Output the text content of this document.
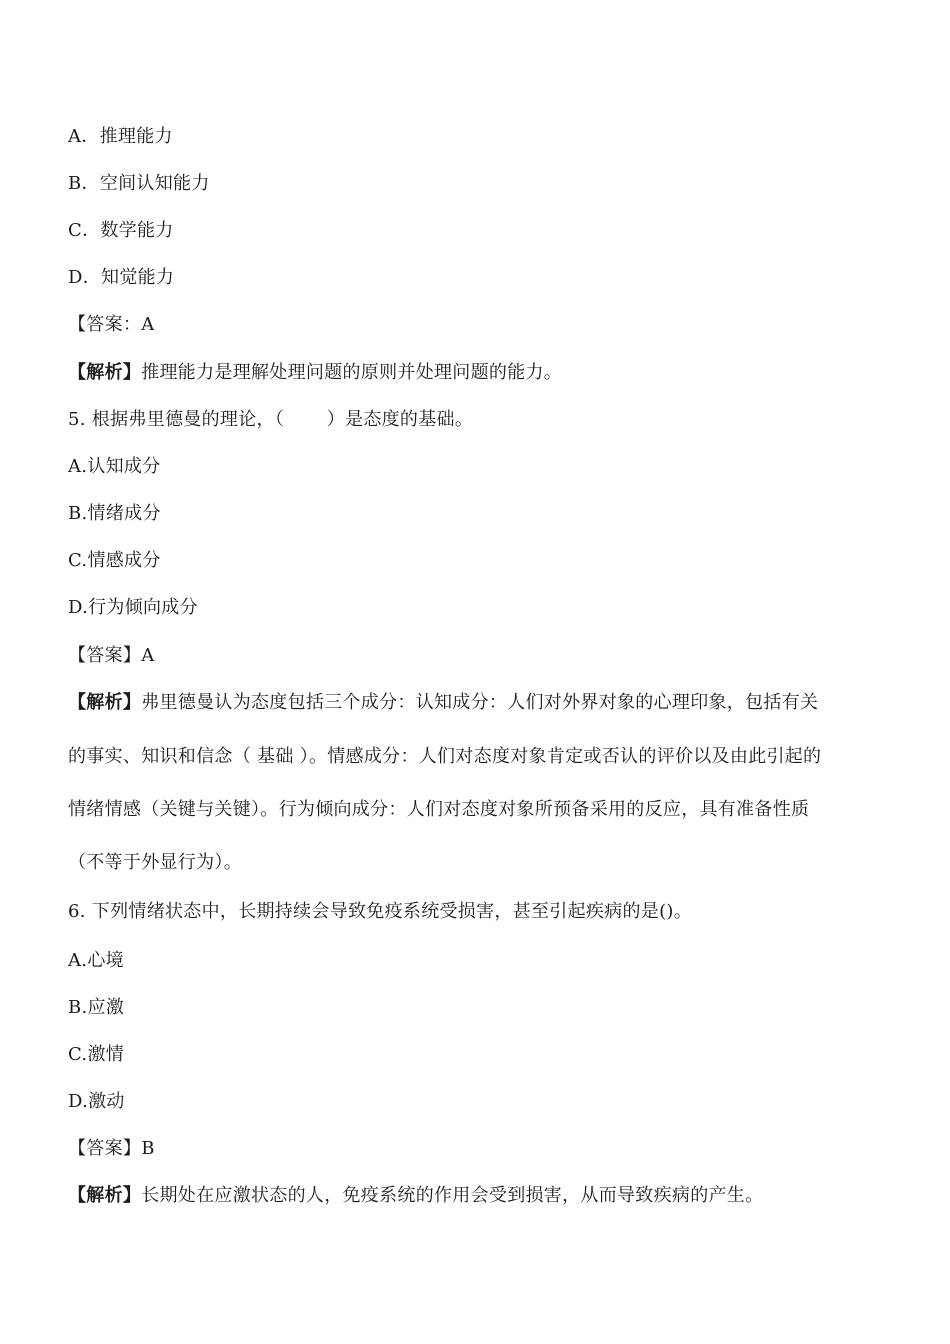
A．推理能力
B．空间认知能力
C．数学能力
D．知觉能力
【答案：A
【解析】推理能力是理解处理问题的原则并处理问题的能力。
5. 根据弗里德曼的理论，（　　 ）是态度的基础。
A.认知成分
B.情绪成分
C.情感成分
D.行为倾向成分
【答案】A
【解析】弗里德曼认为态度包括三个成分：认知成分：人们对外界对象的心理印象，包括有关
的事实、知识和信念（ 基础 ）。情感成分：人们对态度对象肯定或否认的评价以及由此引起的
情绪情感（关键与关键）。行为倾向成分：人们对态度对象所预备采用的反应，具有准备性质
（不等于外显行为）。
6. 下列情绪状态中，长期持续会导致免疫系统受损害，甚至引起疾病的是()。
A.心境
B.应激
C.激情
D.激动
【答案】B
【解析】长期处在应激状态的人，免疫系统的作用会受到损害，从而导致疾病的产生。
